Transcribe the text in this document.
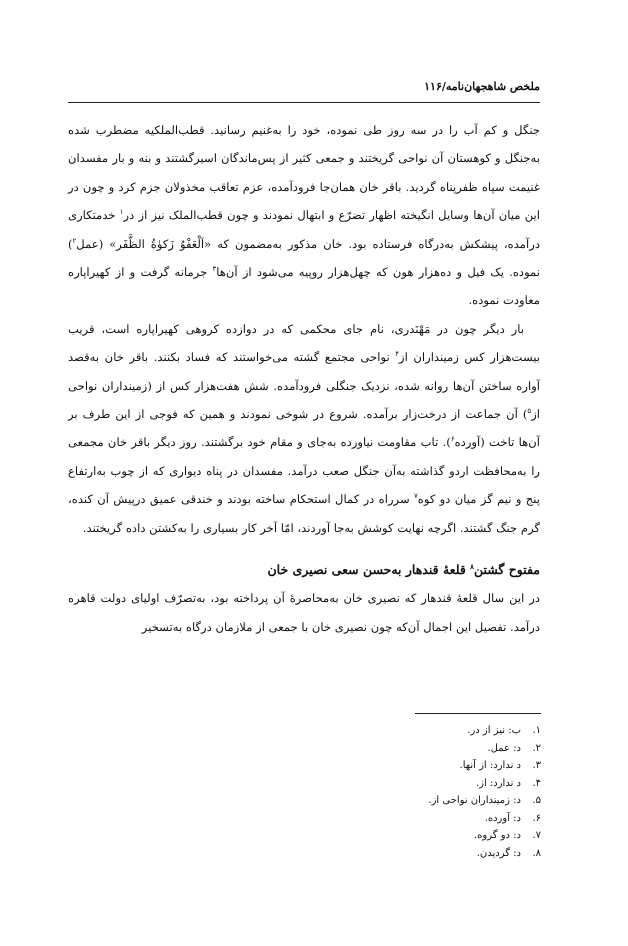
ملخص شاهجهان‌نامه/۱۱۶

جنگل و کم آب را در سه روز طی نموده، خود را به‌غنیم رسانید. قطب‌الملکیه مضطرب شده به‌جنگل و کوهستان آن نواحی گریختند و جمعی کثیر از پس‌ماندگان اسیرگشتند و بنه و بار مفسدان غنیمت سپاه ظفرپناه گردید. باقر خان همان‌جا فرودآمده، عزم تعاقب مخذولان جزم کرد و چون در این میان آن‌ها وسایل انگیخته اظهار تضرّع و ابتهال نمودند و چون قطب‌الملک نیز از در$^۱$ خدمتکاری درآمده، پیشکش به‌درگاه فرستاده بود. خان مذکور به‌مضمون که «اَلْعَفْوُ زَکوٰةُ الظَّفَر» (عمل$^۲$) نموده. یک فیل و ده‌هزار هون که چهل‌هزار روپیه می‌شود از آن‌ها$^۳$ جرمانه گرفت و از کهیراپاره معاودت نموده.

بار دیگر چون در مَهْنَدری، نام جای محکمی که در دوازده کروهی کهیراپاره است، قریب بیست‌هزار کس زمینداران از$^۴$ نواحی مجتمع گشته می‌خواستند که فساد بکنند. باقر خان به‌قصد آواره ساختن آن‌ها روانه شده، نزدیک جنگلی فرودآمده. شش هفت‌هزار کس از (زمینداران نواحی از$^۵$) آن جماعت از درخت‌زار برآمده. شروع در شوخی نمودند و همین که فوجی از این طرف بر آن‌ها تاخت (آورده$^۶$). تاب مقاومت نیاورده به‌جای و مقام خود برگشتند. روز دیگر باقر خان مجمعی را به‌محافظت اردو گذاشته به‌آن جنگل صعب درآمد. مفسدان در پناه دیواری که از چوب به‌ارتفاع پنج و نیم گز میان دو کوه$^۷$ سرراه در کمال استحکام ساخته بودند و خندقی عمیق درپیش آن کنده، گرم جنگ گشتند. اگرچه نهایت کوشش به‌جا آوردند، امّا آخر کار بسیاری را به‌کشتن داده گریختند.

مفتوح گشتن$^۸$ قلعهٔ قندهار به‌حسن سعی نصیری خان

در این سال قلعهٔ قندهار که نصیری خان به‌محاصرهٔ آن پرداخته بود، به‌تصرّف اولیای دولت قاهره درآمد. تفصیل این اجمال آن‌که چون نصیری خان با جمعی از ملازمان درگاه به‌تسخیر

۱.
ب: نیز از در.
۲.
د: عمل.
۳.
د ندارد: از آنها.
۴.
د ندارد: از.
۵.
د: زمینداران نواحی از.
۶.
د: آورده.
۷.
د: دو گروه.
۸.
د: گردیدن.
